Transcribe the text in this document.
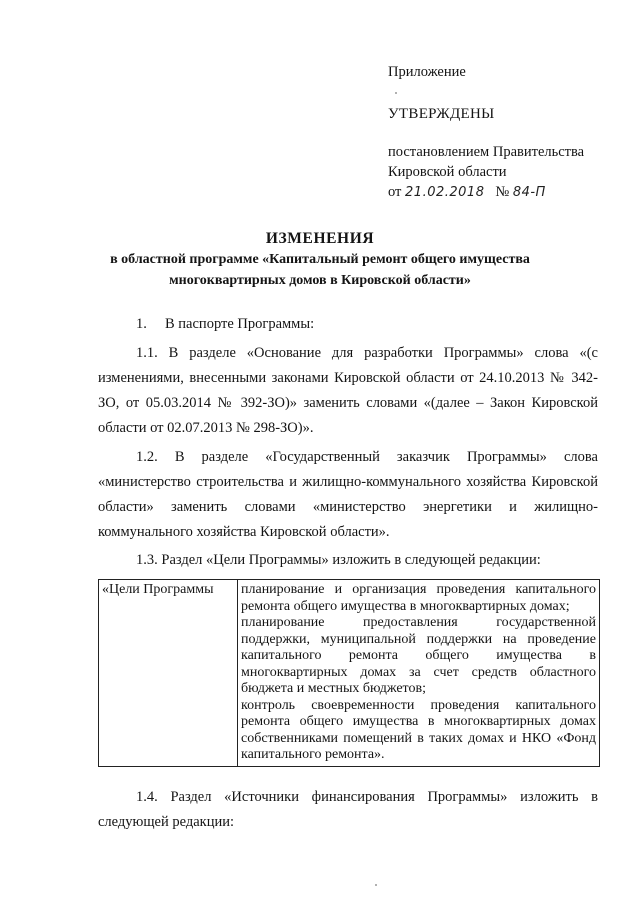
Приложение
УТВЕРЖДЕНЫ
постановлением Правительства
Кировской области
от 21.02.2018 № 84-П
ИЗМЕНЕНИЯ
в областной программе «Капитальный ремонт общего имущества
многоквартирных домов в Кировской области»

1.     В паспорте Программы:

1.1. В разделе «Основание для разработки Программы» слова «(с изменениями, внесенными законами Кировской области от 24.10.2013 № 342-ЗО, от 05.03.2014 № 392-ЗО)» заменить словами «(далее – Закон Кировской области от 02.07.2013 № 298-ЗО)».

1.2. В разделе «Государственный заказчик Программы» слова «министерство строительства и жилищно-коммунального хозяйства Кировской области» заменить словами «министерство энергетики и жилищно-коммунального хозяйства Кировской области».

1.3. Раздел «Цели Программы» изложить в следующей редакции:

«Цели Программы	планирование и организация проведения капитального ремонта общего имущества в многоквартирных домах;
планирование предоставления государственной поддержки, муниципальной поддержки на проведение капитального ремонта общего имущества в многоквартирных домах за счет средств областного бюджета и местных бюджетов;
контроль своевременности проведения капитального ремонта общего имущества в многоквартирных домах собственниками помещений в таких домах и НКО «Фонд капитального ремонта».

1.4. Раздел «Источники финансирования Программы» изложить в следующей редакции:
